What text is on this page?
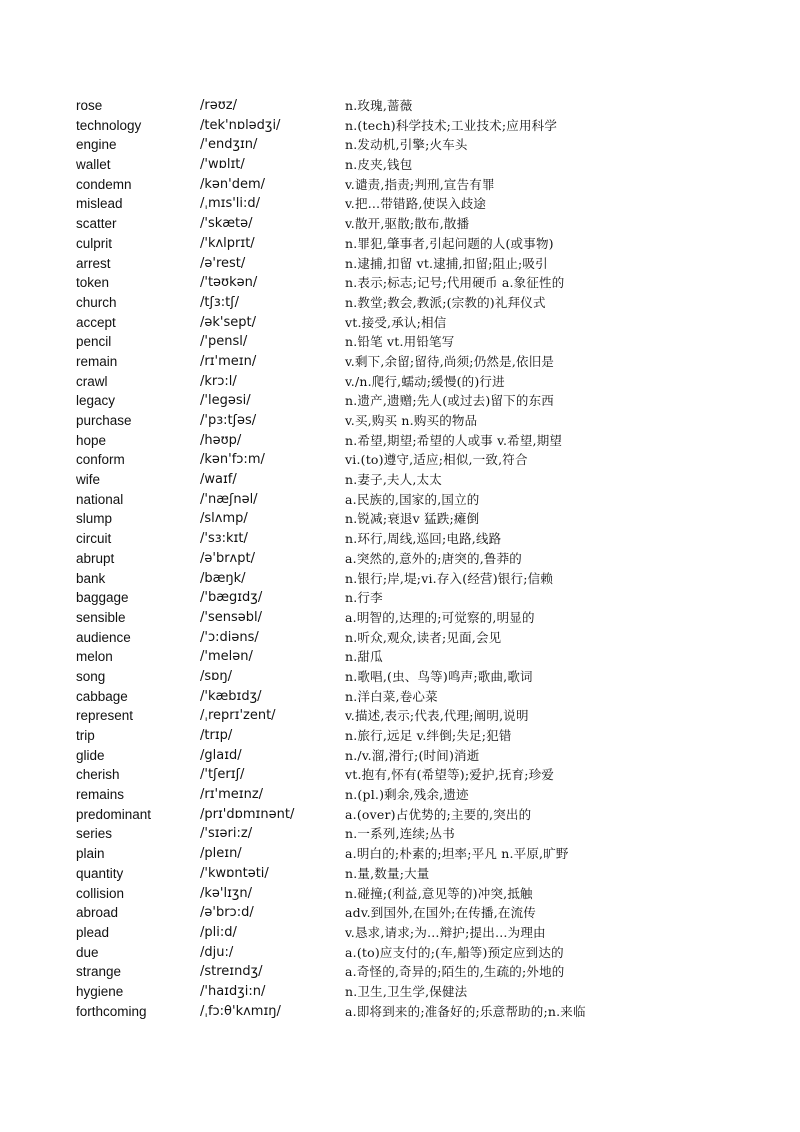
rose	/rəʊz/	n.玫瑰,蔷薇
technology	/tek'nɒlədʒi/	n.(tech)科学技术;工业技术;应用科学
engine	/'endʒɪn/	n.发动机,引擎;火车头
wallet	/'wɒlɪt/	n.皮夹,钱包
condemn	/kən'dem/	v.谴责,指责;判刑,宣告有罪
mislead	/ˌmɪs'li:d/	v.把…带错路,使误入歧途
scatter	/'skætə/	v.散开,驱散;散布,散播
culprit	/'kʌlprɪt/	n.罪犯,肇事者,引起问题的人(或事物)
arrest	/ə'rest/	n.逮捕,扣留 vt.逮捕,扣留;阻止;吸引
token	/'təʊkən/	n.表示;标志;记号;代用硬币 a.象征性的
church	/tʃɜ:tʃ/	n.教堂;教会,教派;(宗教的)礼拜仪式
accept	/ək'sept/	vt.接受,承认;相信
pencil	/'pensl/	n.铅笔 vt.用铅笔写
remain	/rɪ'meɪn/	v.剩下,余留;留待,尚须;仍然是,依旧是
crawl	/krɔ:l/	v./n.爬行,蠕动;缓慢(的)行进
legacy	/'legəsi/	n.遗产,遗赠;先人(或过去)留下的东西
purchase	/'pɜ:tʃəs/	v.买,购买 n.购买的物品
hope	/həʊp/	n.希望,期望;希望的人或事 v.希望,期望
conform	/kən'fɔ:m/	vi.(to)遵守,适应;相似,一致,符合
wife	/waɪf/	n.妻子,夫人,太太
national	/'næʃnəl/	a.民族的,国家的,国立的
slump	/slʌmp/	n.锐减;衰退v 猛跌;瘫倒
circuit	/'sɜ:kɪt/	n.环行,周线,巡回;电路,线路
abrupt	/ə'brʌpt/	a.突然的,意外的;唐突的,鲁莽的
bank	/bæŋk/	n.银行;岸,堤;vi.存入(经营)银行;信赖
baggage	/'bægɪdʒ/	n.行李
sensible	/'sensəbl/	a.明智的,达理的;可觉察的,明显的
audience	/'ɔ:diəns/	n.听众,观众,读者;见面,会见
melon	/'melən/	n.甜瓜
song	/sɒŋ/	n.歌唱,(虫、鸟等)鸣声;歌曲,歌词
cabbage	/'kæbɪdʒ/	n.洋白菜,卷心菜
represent	/ˌreprɪ'zent/	v.描述,表示;代表,代理;阐明,说明
trip	/trɪp/	n.旅行,远足 v.绊倒;失足;犯错
glide	/glaɪd/	n./v.溜,滑行;(时间)消逝
cherish	/'tʃerɪʃ/	vt.抱有,怀有(希望等);爱护,抚育;珍爱
remains	/rɪ'meɪnz/	n.(pl.)剩余,残余,遗迹
predominant	/prɪ'dɒmɪnənt/	a.(over)占优势的;主要的,突出的
series	/'sɪəri:z/	n.一系列,连续;丛书
plain	/pleɪn/	a.明白的;朴素的;坦率;平凡 n.平原,旷野
quantity	/'kwɒntəti/	n.量,数量;大量
collision	/kə'lɪʒn/	n.碰撞;(利益,意见等的)冲突,抵触
abroad	/ə'brɔ:d/	adv.到国外,在国外;在传播,在流传
plead	/pli:d/	v.恳求,请求;为…辩护;提出…为理由
due	/dju:/	a.(to)应支付的;(车,船等)预定应到达的
strange	/streɪndʒ/	a.奇怪的,奇异的;陌生的,生疏的;外地的
hygiene	/'haɪdʒi:n/	n.卫生,卫生学,保健法
forthcoming	/ˌfɔ:θ'kʌmɪŋ/	a.即将到来的;准备好的;乐意帮助的;n.来临
